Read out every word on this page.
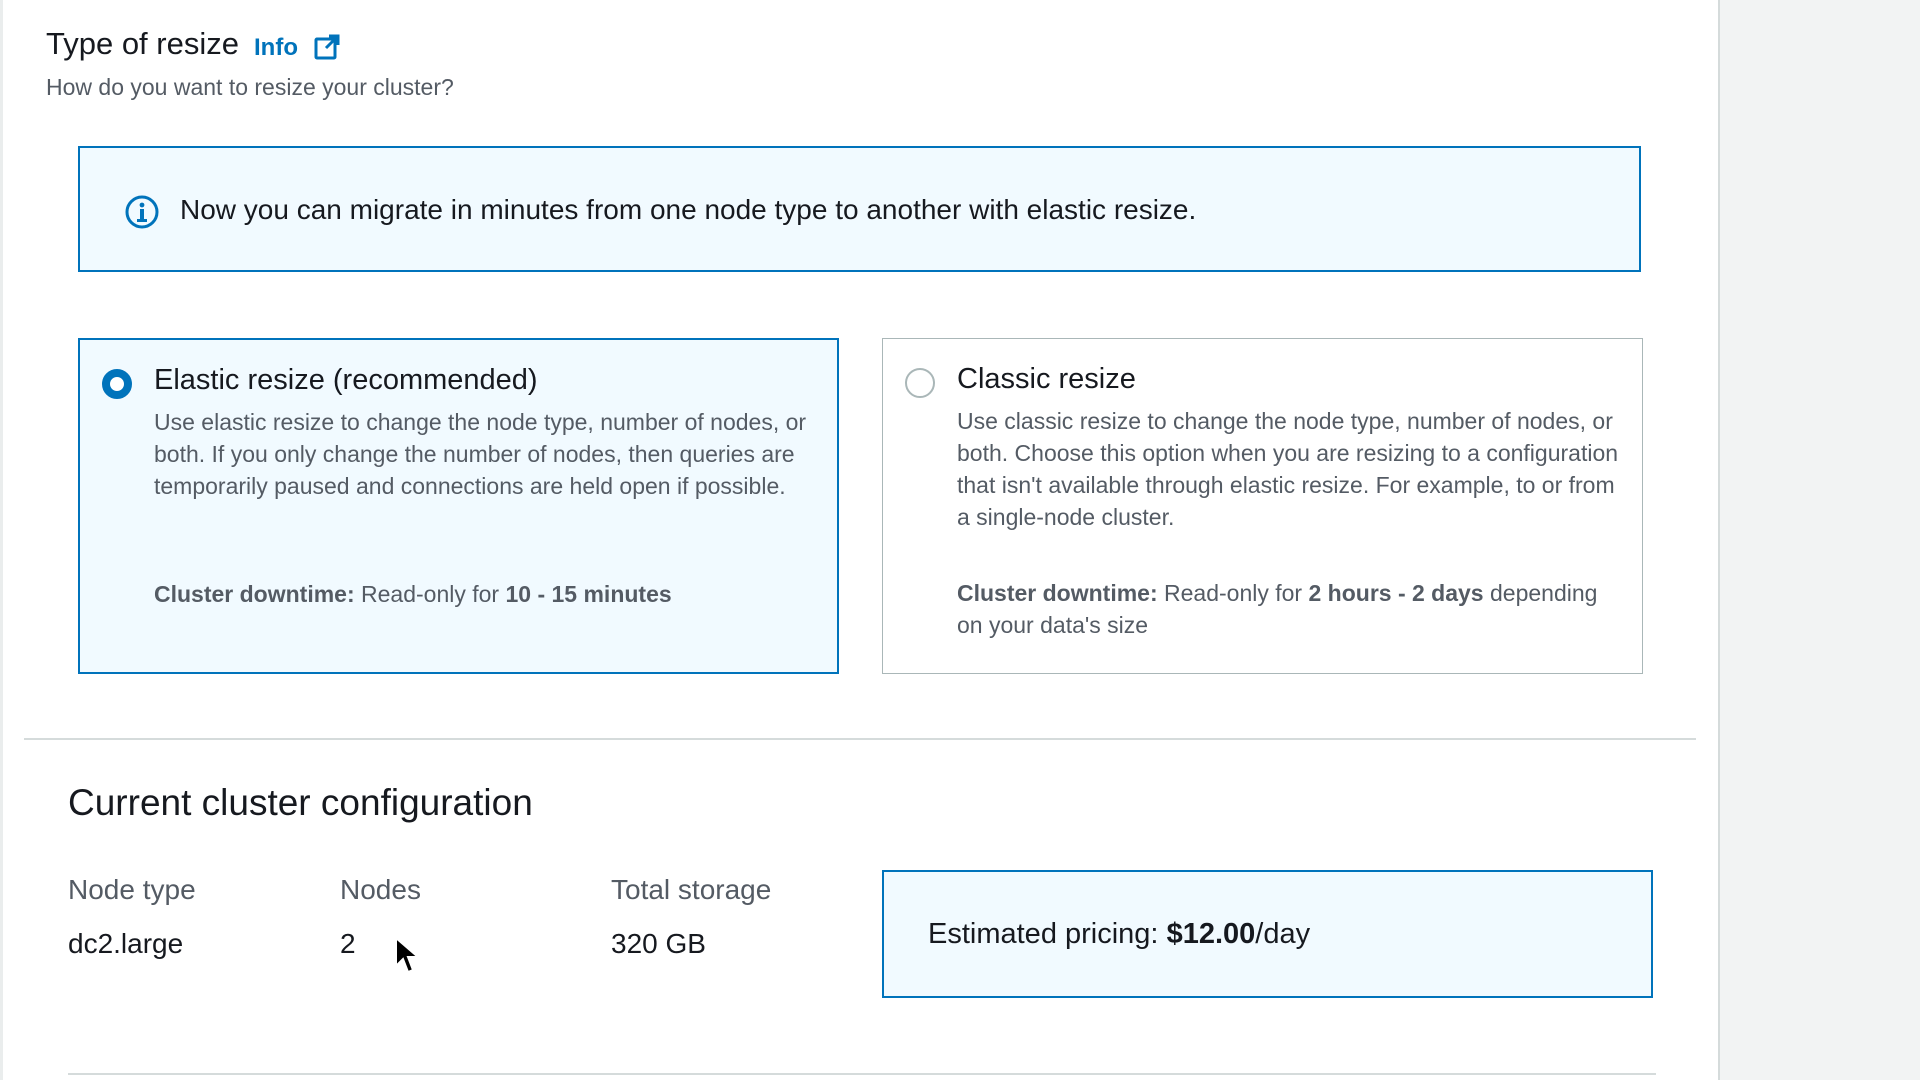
Type of resize Info
How do you want to resize your cluster?
Now you can migrate in minutes from one node type to another with elastic resize.
Elastic resize (recommended)
Use elastic resize to change the node type, number of nodes, or both. If you only change the number of nodes, then queries are temporarily paused and connections are held open if possible.
Cluster downtime: Read-only for 10 - 15 minutes
Classic resize
Use classic resize to change the node type, number of nodes, or both. Choose this option when you are resizing to a configuration that isn't available through elastic resize. For example, to or from a single-node cluster.
Cluster downtime: Read-only for 2 hours - 2 days depending on your data's size
Current cluster configuration
Node type
dc2.large
Nodes
2
Total storage
320 GB	Estimated pricing: $12.00/day
